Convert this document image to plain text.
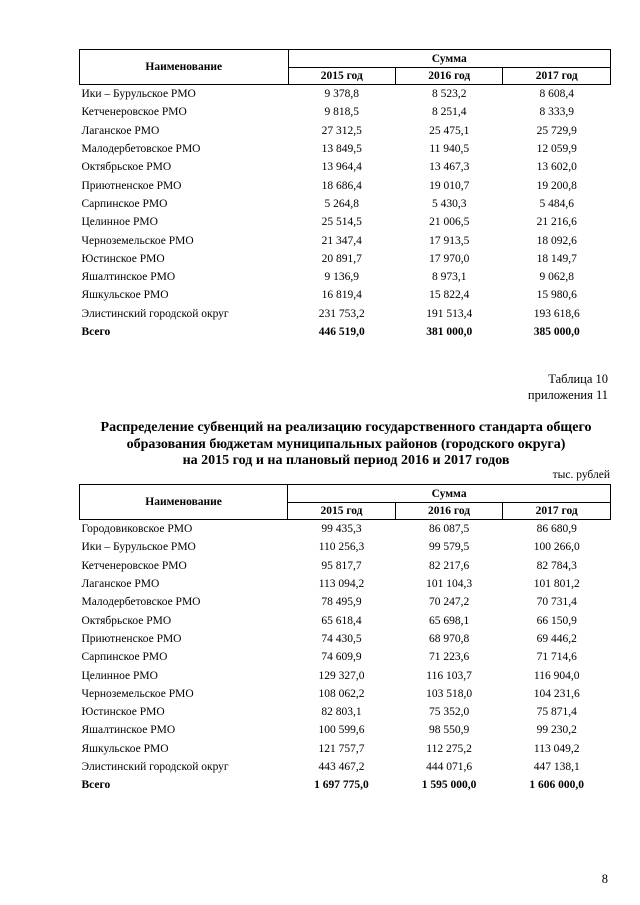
Наименование	Сумма		
	2015 год	2016 год	2017 год
Ики – Бурульское РМО	9 378,8	8 523,2	8 608,4
Кетченеровское РМО	9 818,5	8 251,4	8 333,9
Лаганское РМО	27 312,5	25 475,1	25 729,9
Малодербетовское РМО	13 849,5	11 940,5	12 059,9
Октябрьское РМО	13 964,4	13 467,3	13 602,0
Приютненское РМО	18 686,4	19 010,7	19 200,8
Сарпинское РМО	5 264,8	5 430,3	5 484,6
Целинное РМО	25 514,5	21 006,5	21 216,6
Черноземельское РМО	21 347,4	17 913,5	18 092,6
Юстинское РМО	20 891,7	17 970,0	18 149,7
Яшалтинское РМО	9 136,9	8 973,1	9 062,8
Яшкульское РМО	16 819,4	15 822,4	15 980,6
Элистинский городской округ	231 753,2	191 513,4	193 618,6
Всего	446 519,0	381 000,0	385 000,0
Таблица 10
приложения 11
Распределение субвенций на реализацию государственного стандарта общего
образования бюджетам муниципальных районов (городского округа)
на 2015 год и на плановый период 2016 и 2017 годов
тыс. рублей
Наименование	Сумма		
	2015 год	2016 год	2017 год
Городовиковское РМО	99 435,3	86 087,5	86 680,9
Ики – Бурульское РМО	110 256,3	99 579,5	100 266,0
Кетченеровское РМО	95 817,7	82 217,6	82 784,3
Лаганское РМО	113 094,2	101 104,3	101 801,2
Малодербетовское РМО	78 495,9	70 247,2	70 731,4
Октябрьское РМО	65 618,4	65 698,1	66 150,9
Приютненское РМО	74 430,5	68 970,8	69 446,2
Сарпинское РМО	74 609,9	71 223,6	71 714,6
Целинное РМО	129 327,0	116 103,7	116 904,0
Черноземельское РМО	108 062,2	103 518,0	104 231,6
Юстинское РМО	82 803,1	75 352,0	75 871,4
Яшалтинское РМО	100 599,6	98 550,9	99 230,2
Яшкульское РМО	121 757,7	112 275,2	113 049,2
Элистинский городской округ	443 467,2	444 071,6	447 138,1
Всего	1 697 775,0	1 595 000,0	1 606 000,0
8
